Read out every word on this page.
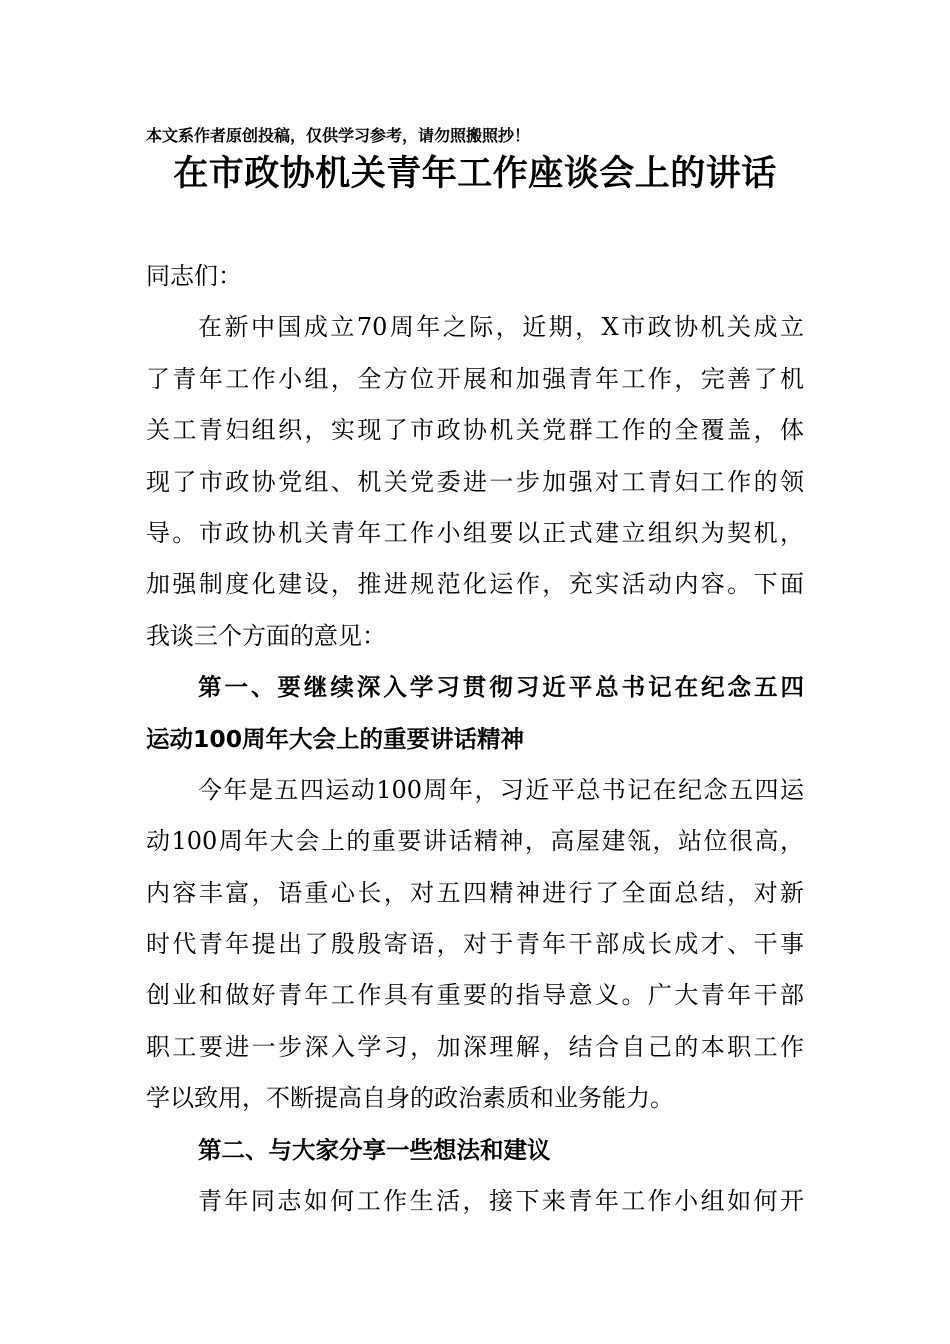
本文系作者原创投稿，仅供学习参考，请勿照搬照抄！
在市政协机关青年工作座谈会上的讲话
同志们：
在新中国成立70周年之际，近期，X市政协机关成立
了青年工作小组，全方位开展和加强青年工作，完善了机
关工青妇组织，实现了市政协机关党群工作的全覆盖，体
现了市政协党组、机关党委进一步加强对工青妇工作的领
导。市政协机关青年工作小组要以正式建立组织为契机，
加强制度化建设，推进规范化运作，充实活动内容。下面
我谈三个方面的意见：
第一、要继续深入学习贯彻习近平总书记在纪念五四
运动100周年大会上的重要讲话精神
今年是五四运动100周年，习近平总书记在纪念五四运
动100周年大会上的重要讲话精神，高屋建瓴，站位很高，
内容丰富，语重心长，对五四精神进行了全面总结，对新
时代青年提出了殷殷寄语，对于青年干部成长成才、干事
创业和做好青年工作具有重要的指导意义。广大青年干部
职工要进一步深入学习，加深理解，结合自己的本职工作
学以致用，不断提高自身的政治素质和业务能力。
第二、与大家分享一些想法和建议
青年同志如何工作生活，接下来青年工作小组如何开
